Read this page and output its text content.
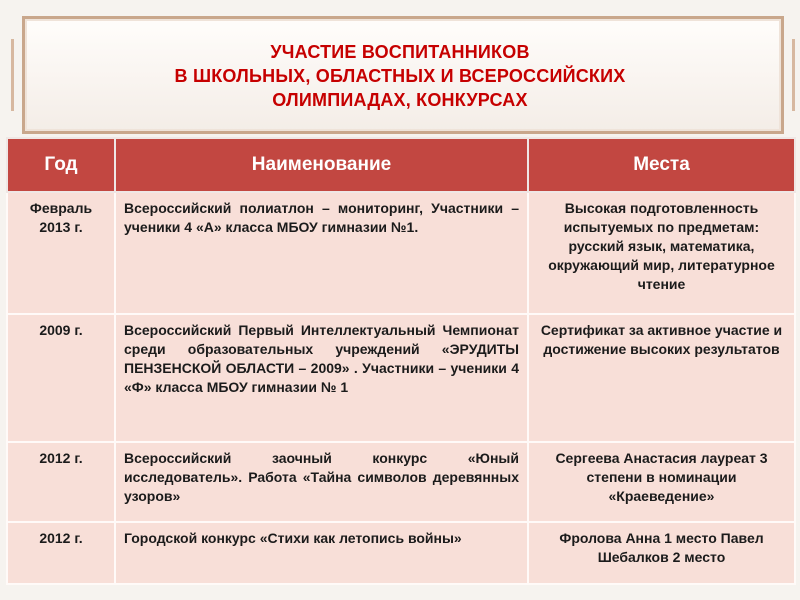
УЧАСТИЕ ВОСПИТАННИКОВ
В ШКОЛЬНЫХ, ОБЛАСТНЫХ И ВСЕРОССИЙСКИХ
ОЛИМПИАДАХ, КОНКУРСАХ
Год	Наименование	Места
Февраль 2013 г.	Всероссийский полиатлон – мониторинг, Участники – ученики 4 «А» класса МБОУ гимназии №1.	Высокая подготовленность испытуемых по предметам: русский язык, математика, окружающий мир, литературное чтение
2009 г.	Всероссийский Первый Интеллектуальный Чемпионат среди образовательных учреждений «ЭРУДИТЫ ПЕНЗЕНСКОЙ ОБЛАСТИ – 2009» . Участники – ученики 4 «Ф» класса МБОУ гимназии № 1	Сертификат за активное участие и достижение высоких результатов
2012 г.	Всероссийский заочный конкурс «Юный исследователь». Работа «Тайна символов деревянных узоров»	Сергеева Анастасия лауреат 3 степени в номинации «Краеведение»
2012 г.	Городской конкурс «Стихи как летопись войны»	Фролова Анна 1 место Павел Шебалков 2 место
